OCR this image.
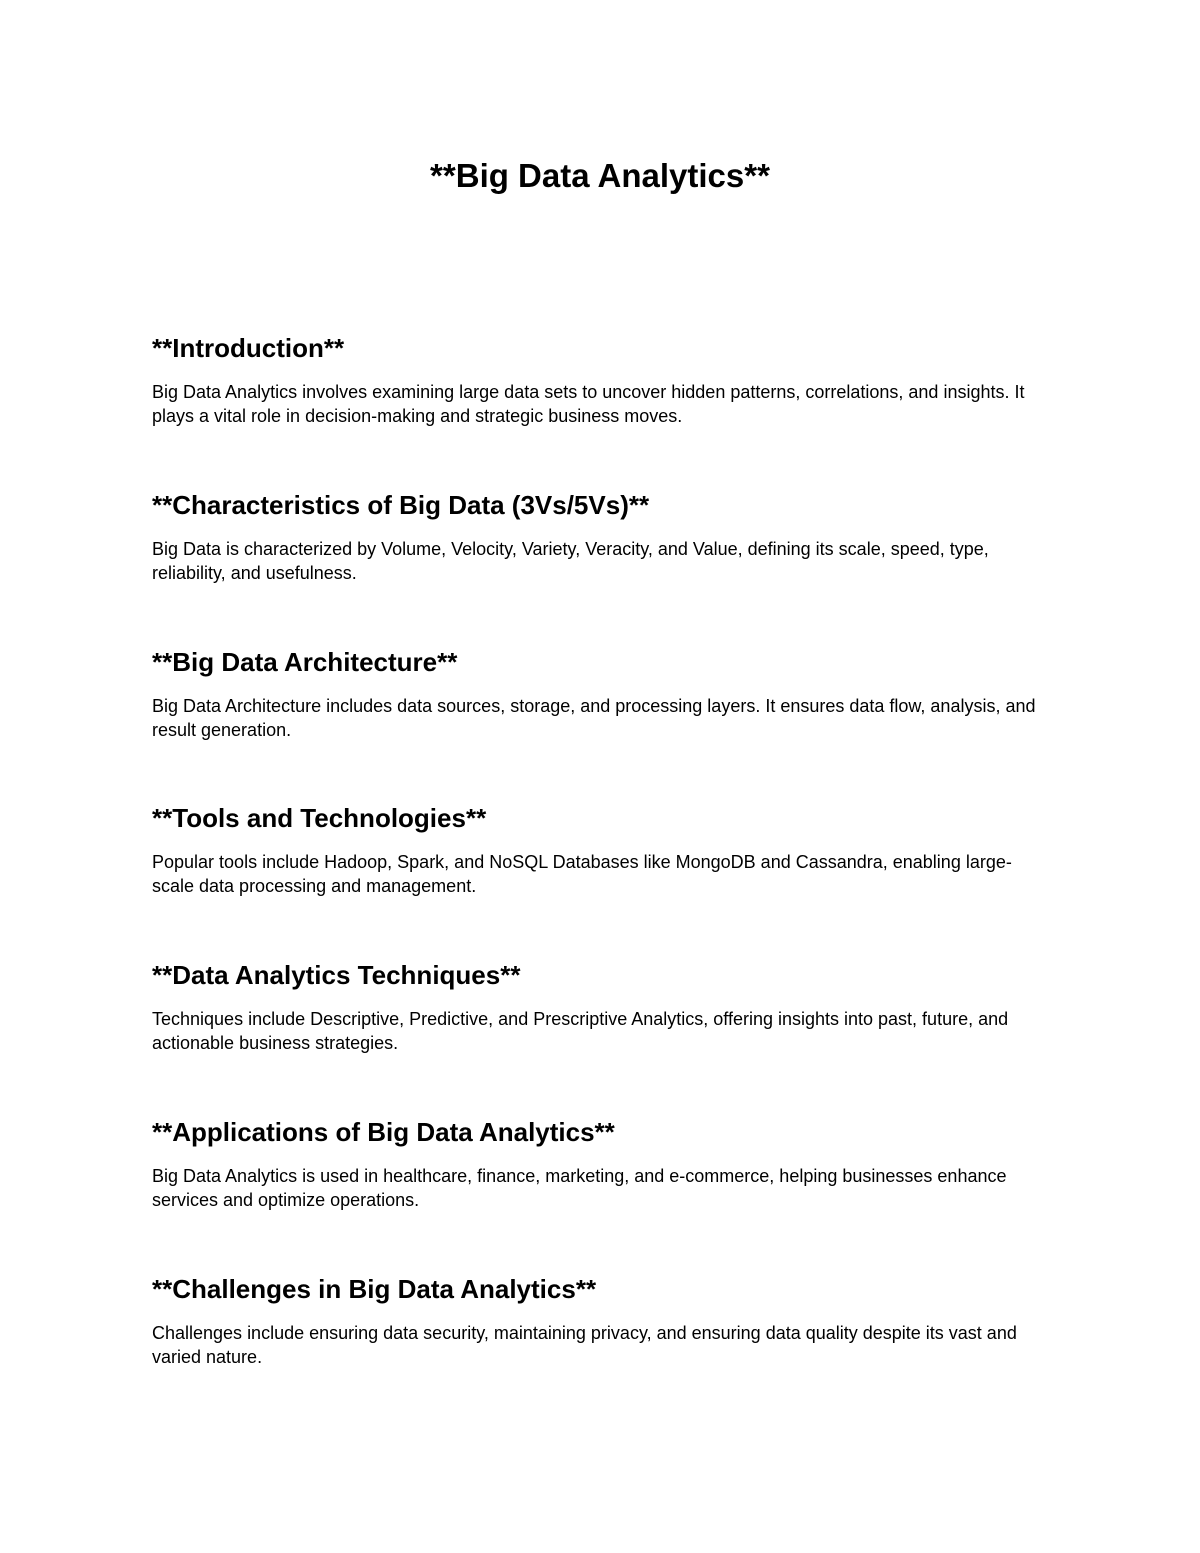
**Big Data Analytics**
**Introduction**

Big Data Analytics involves examining large data sets to uncover hidden patterns, correlations, and insights. It plays a vital role in decision-making and strategic business moves.

**Characteristics of Big Data (3Vs/5Vs)**

Big Data is characterized by Volume, Velocity, Variety, Veracity, and Value, defining its scale, speed, type, reliability, and usefulness.

**Big Data Architecture**

Big Data Architecture includes data sources, storage, and processing layers. It ensures data flow, analysis, and result generation.

**Tools and Technologies**

Popular tools include Hadoop, Spark, and NoSQL Databases like MongoDB and Cassandra, enabling large-scale data processing and management.

**Data Analytics Techniques**

Techniques include Descriptive, Predictive, and Prescriptive Analytics, offering insights into past, future, and actionable business strategies.

**Applications of Big Data Analytics**

Big Data Analytics is used in healthcare, finance, marketing, and e-commerce, helping businesses enhance services and optimize operations.

**Challenges in Big Data Analytics**

Challenges include ensuring data security, maintaining privacy, and ensuring data quality despite its vast and varied nature.
